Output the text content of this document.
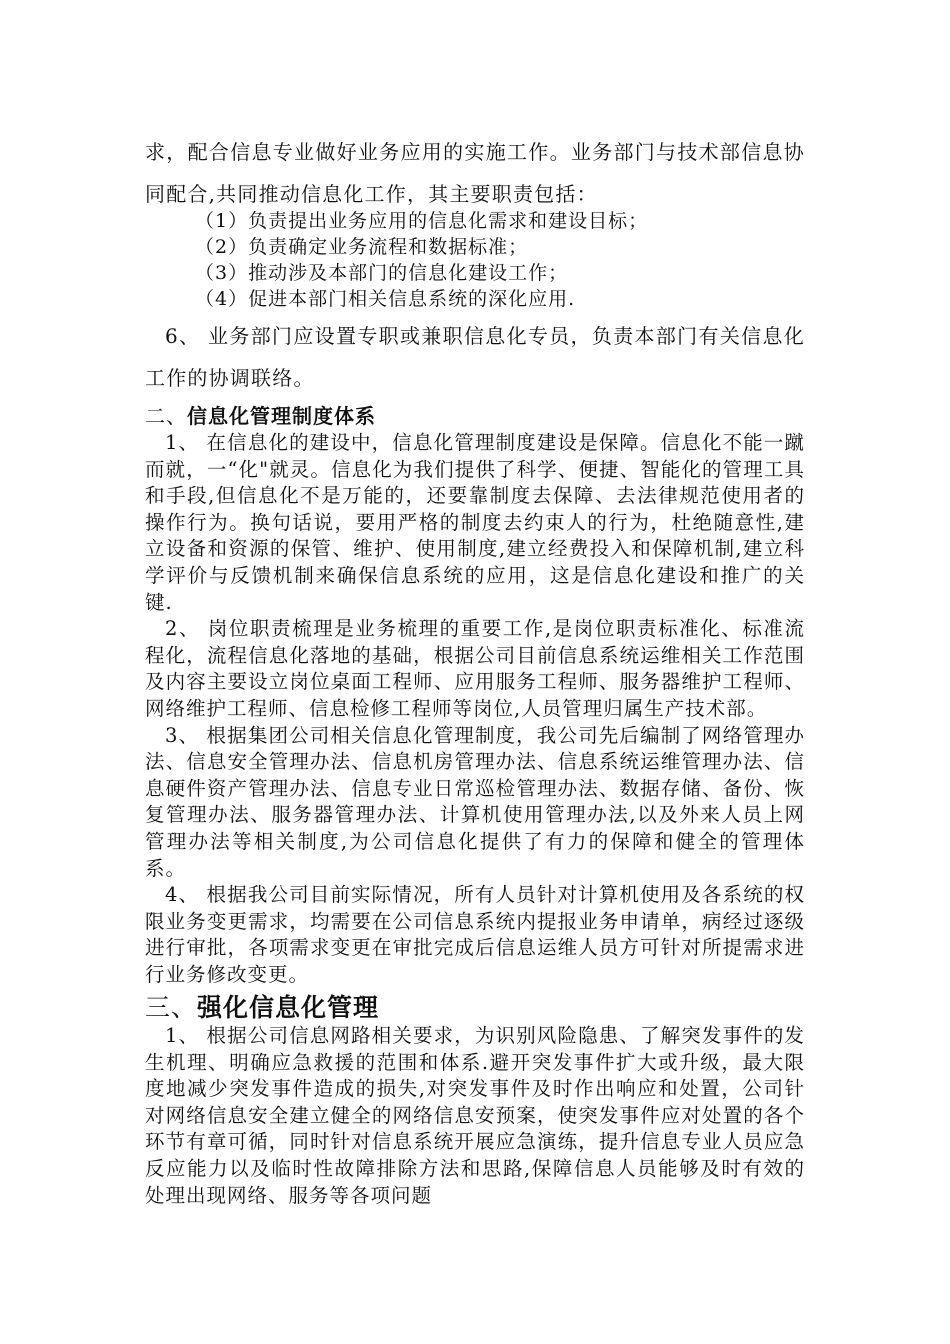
求，配合信息专业做好业务应用的实施工作。业务部门与技术部信息协同配合,共同推动信息化工作，其主要职责包括：

（1）负责提出业务应用的信息化需求和建设目标；
（2）负责确定业务流程和数据标准；
（3）推动涉及本部门的信息化建设工作；
（4）促进本部门相关信息系统的深化应用.

6、 业务部门应设置专职或兼职信息化专员，负责本部门有关信息化工作的协调联络。

二、信息化管理制度体系

1、 在信息化的建设中，信息化管理制度建设是保障。信息化不能一蹴而就，一“化"就灵。信息化为我们提供了科学、便捷、智能化的管理工具和手段,但信息化不是万能的，还要靠制度去保障、去法律规范使用者的操作行为。换句话说，要用严格的制度去约束人的行为，杜绝随意性,建立设备和资源的保管、维护、使用制度,建立经费投入和保障机制,建立科学评价与反馈机制来确保信息系统的应用，这是信息化建设和推广的关键.

2、 岗位职责梳理是业务梳理的重要工作,是岗位职责标准化、标准流程化，流程信息化落地的基础，根据公司目前信息系统运维相关工作范围及内容主要设立岗位桌面工程师、应用服务工程师、服务器维护工程师、网络维护工程师、信息检修工程师等岗位,人员管理归属生产技术部。

3、 根据集团公司相关信息化管理制度，我公司先后编制了网络管理办法、信息安全管理办法、信息机房管理办法、信息系统运维管理办法、信息硬件资产管理办法、信息专业日常巡检管理办法、数据存储、备份、恢复管理办法、服务器管理办法、计算机使用管理办法,以及外来人员上网管理办法等相关制度,为公司信息化提供了有力的保障和健全的管理体系。

4、 根据我公司目前实际情况，所有人员针对计算机使用及各系统的权限业务变更需求，均需要在公司信息系统内提报业务申请单，病经过逐级进行审批，各项需求变更在审批完成后信息运维人员方可针对所提需求进行业务修改变更。

三、强化信息化管理

1、 根据公司信息网路相关要求，为识别风险隐患、了解突发事件的发生机理、明确应急救援的范围和体系.避开突发事件扩大或升级，最大限度地减少突发事件造成的损失,对突发事件及时作出响应和处置，公司针对网络信息安全建立健全的网络信息安预案，使突发事件应对处置的各个环节有章可循，同时针对信息系统开展应急演练，提升信息专业人员应急反应能力以及临时性故障排除方法和思路,保障信息人员能够及时有效的处理出现网络、服务等各项问题
